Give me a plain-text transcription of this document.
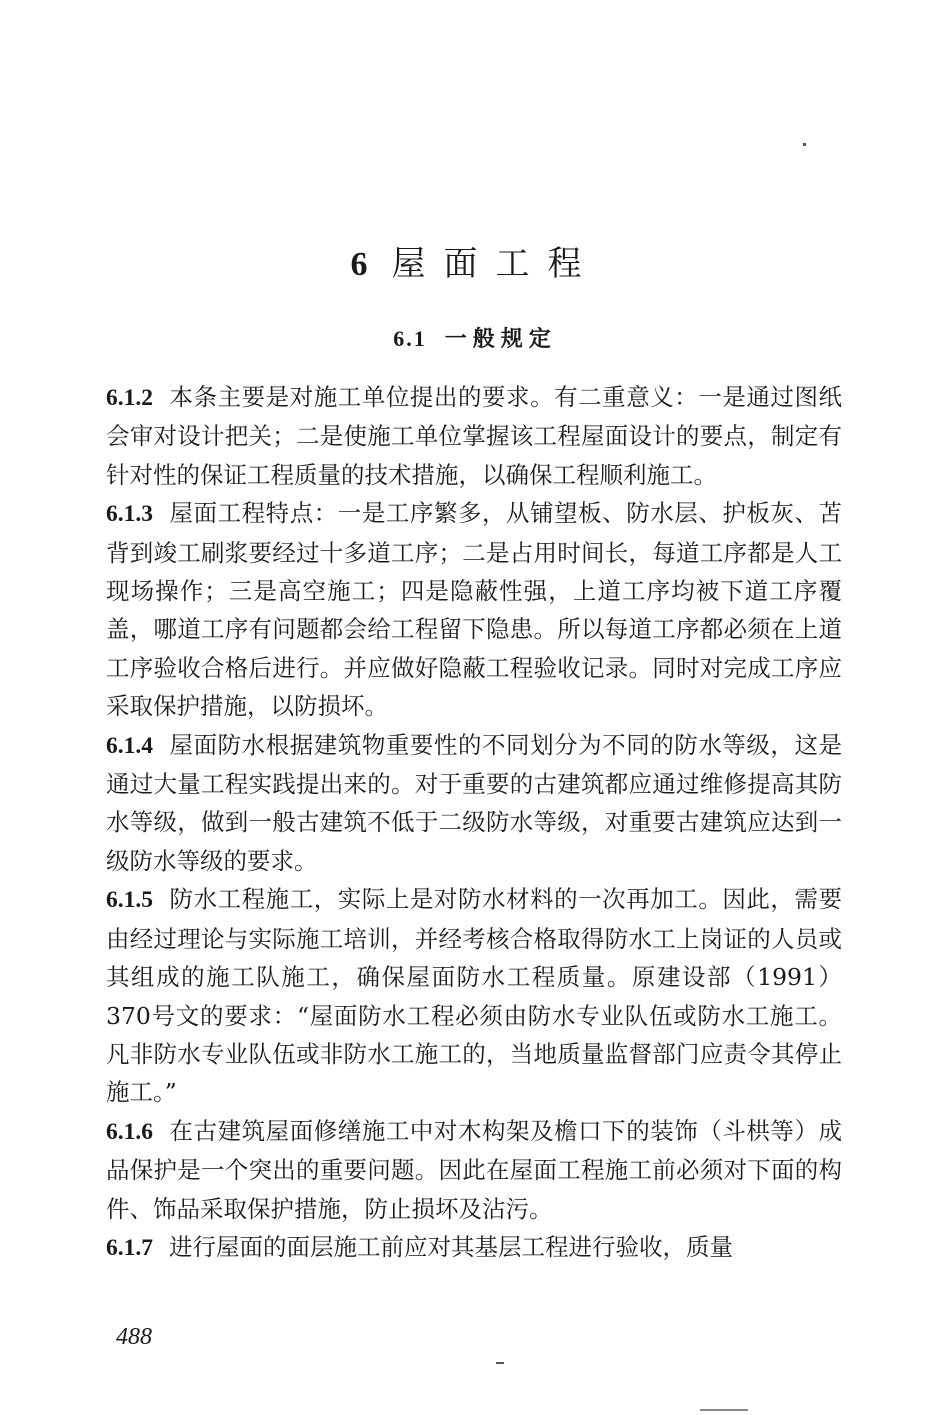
6 屋面工程
6.1 一般规定

6.1.2 本条主要是对施工单位提出的要求。有二重意义：一是通过图纸会审对设计把关；二是使施工单位掌握该工程屋面设计的要点，制定有针对性的保证工程质量的技术措施，以确保工程顺利施工。

6.1.3 屋面工程特点：一是工序繁多，从铺望板、防水层、护板灰、苫背到竣工刷浆要经过十多道工序；二是占用时间长，每道工序都是人工现场操作；三是高空施工；四是隐蔽性强，上道工序均被下道工序覆盖，哪道工序有问题都会给工程留下隐患。所以每道工序都必须在上道工序验收合格后进行。并应做好隐蔽工程验收记录。同时对完成工序应采取保护措施，以防损坏。

6.1.4 屋面防水根据建筑物重要性的不同划分为不同的防水等级，这是通过大量工程实践提出来的。对于重要的古建筑都应通过维修提高其防水等级，做到一般古建筑不低于二级防水等级，对重要古建筑应达到一级防水等级的要求。

6.1.5 防水工程施工，实际上是对防水材料的一次再加工。因此，需要由经过理论与实际施工培训，并经考核合格取得防水工上岗证的人员或其组成的施工队施工，确保屋面防水工程质量。原建设部（1991）370号文的要求：“屋面防水工程必须由防水专业队伍或防水工施工。凡非防水专业队伍或非防水工施工的，当地质量监督部门应责令其停止施工。”

6.1.6 在古建筑屋面修缮施工中对木构架及檐口下的装饰（斗栱等）成品保护是一个突出的重要问题。因此在屋面工程施工前必须对下面的构件、饰品采取保护措施，防止损坏及沾污。

6.1.7 进行屋面的面层施工前应对其基层工程进行验收，质量

488
